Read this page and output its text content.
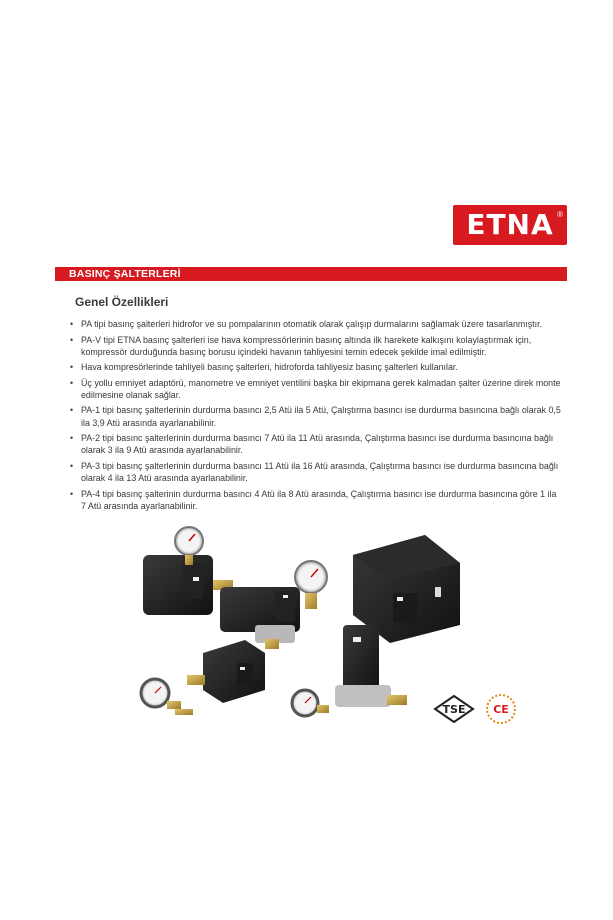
ETNA ®
BASINÇ ŞALTERLERİ
Genel Özellikleri
• PA tipi basınç şalterleri hidrofor ve su pompalarının otomatik olarak çalışıp durmalarını sağlamak üzere tasarlanmıştır.
• PA-V tipi ETNA basınç şalterleri ise hava kompressörlerinin basınç altında ilk harekete kalkışını kolaylaştırmak için, kompressör durduğunda basınç borusu içindeki havanın tahliyesini temin edecek şekilde imal edilmiştir.
• Hava kompresörlerinde tahliyeli basınç şalterleri, hidroforda tahliyesiz basınç şalterleri kullanılar.
• Üç yollu emniyet adaptörü, manometre ve emniyet ventilini başka bir ekipmana gerek kalmadan şalter üzerine direk monte edilmesine olanak sağlar.
• PA-1 tipi basınç şalterlerinin durdurma basıncı 2,5 Atü ila 5 Atü, Çalıştırma basıncı ise durdurma basıncına bağlı olarak 0,5 ila 3,9 Atü arasında ayarlanabilinir.
• PA-2 tipi basınc şalterlerinin durdurma basıncı 7 Atü ila 11 Atü arasında, Çalıştırma basıncı ise durdurma basıncına bağlı olarak 3 ila 9 Atü arasında ayarlanabilinir.
• PA-3 tipi basınç şalterlerinin durdurma basıncı 11 Atü ila 16 Atü arasında, Çalıştırma basıncı ise durdurma basıncına bağlı olarak 4 ila 13 Atü arasında ayarlanabilinir.
• PA-4 tipi basınç şalterinin durdurma basıncı 4 Atü ila 8 Atü arasında, Çalıştırma basıncı ise durdurma basıncına göre 1 ila 7 Atü arasında ayarlanabilinir.
TSE	CE
